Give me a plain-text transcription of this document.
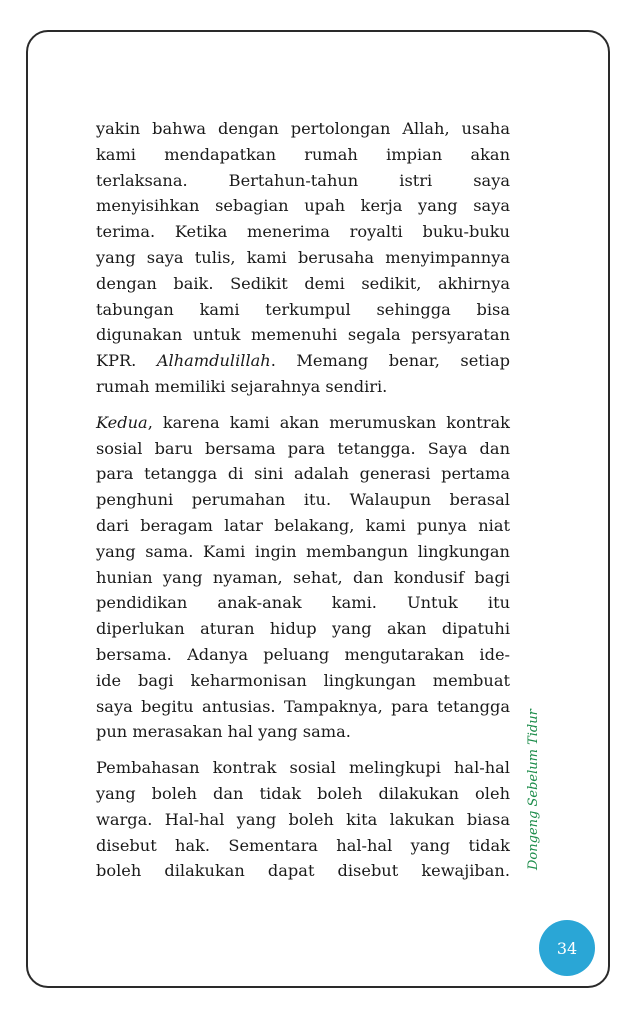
yakin bahwa dengan pertolongan Allah, usaha
kami mendapatkan rumah impian akan
terlaksana. Bertahun-tahun istri saya
menyisihkan sebagian upah kerja yang saya
terima. Ketika menerima royalti buku-buku
yang saya tulis, kami berusaha menyimpannya
dengan baik. Sedikit demi sedikit, akhirnya
tabungan kami terkumpul sehingga bisa
digunakan untuk memenuhi segala persyaratan
KPR. Alhamdulillah. Memang benar, setiap
rumah memiliki sejarahnya sendiri.

Kedua, karena kami akan merumuskan kontrak
sosial baru bersama para tetangga. Saya dan
para tetangga di sini adalah generasi pertama
penghuni perumahan itu. Walaupun berasal
dari beragam latar belakang, kami punya niat
yang sama. Kami ingin membangun lingkungan
hunian yang nyaman, sehat, dan kondusif bagi
pendidikan anak-anak kami. Untuk itu
diperlukan aturan hidup yang akan dipatuhi
bersama. Adanya peluang mengutarakan ide-
ide bagi keharmonisan lingkungan membuat
saya begitu antusias. Tampaknya, para tetangga
pun merasakan hal yang sama.

Pembahasan kontrak sosial melingkupi hal-hal
yang boleh dan tidak boleh dilakukan oleh
warga. Hal-hal yang boleh kita lakukan biasa
disebut hak. Sementara hal-hal yang tidak
boleh dilakukan dapat disebut kewajiban.

Dongeng Sebelum Tidur
34
